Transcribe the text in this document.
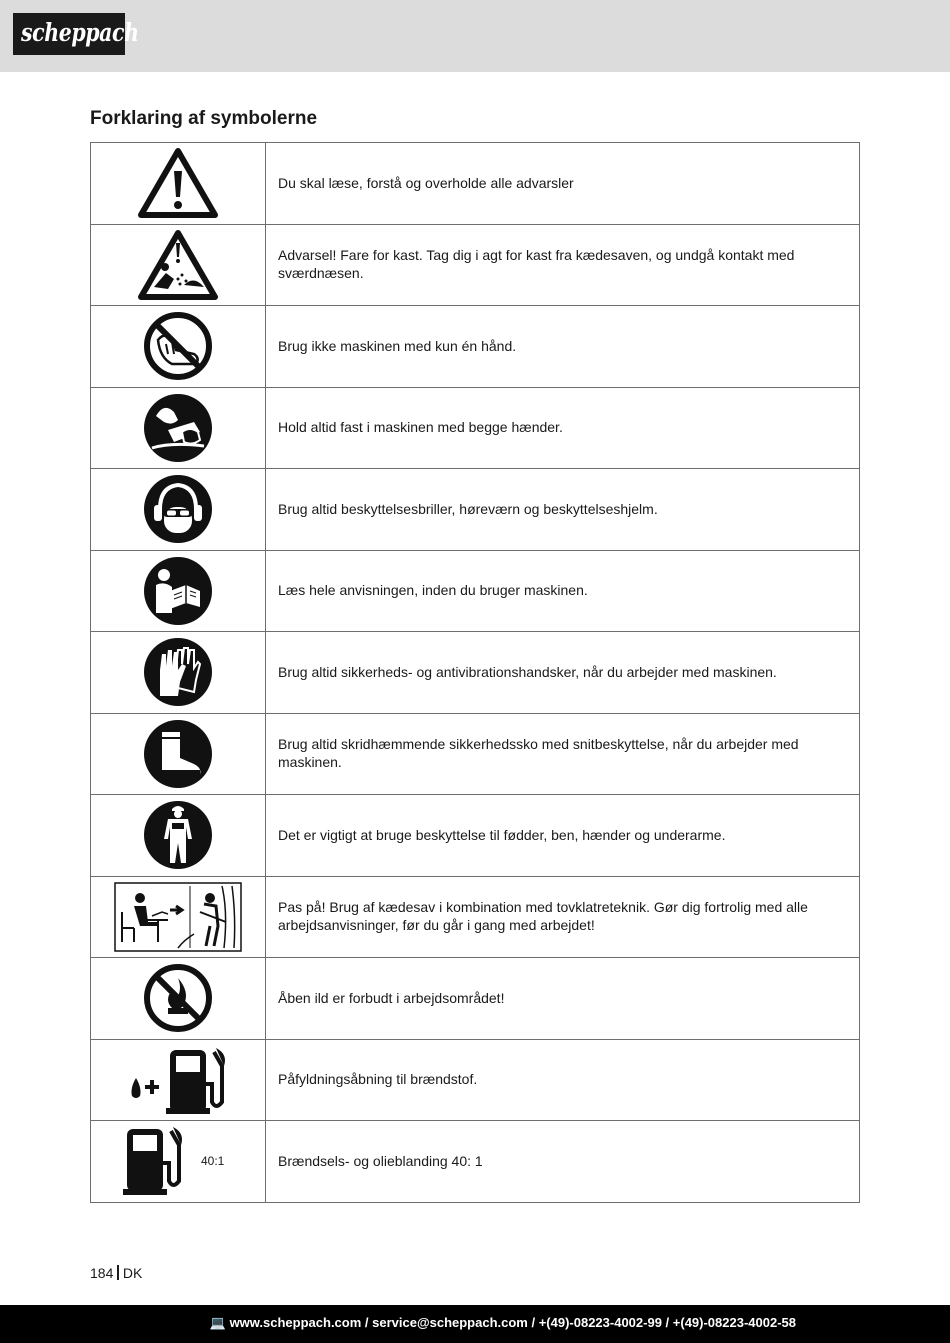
scheppach
Forklaring af symbolerne
	Du skal læse, forstå og overholde alle advarsler

	Advarsel! Fare for kast. Tag dig i agt for kast fra kædesaven, og undgå kontakt med sværdnæsen.

	Brug ikke maskinen med kun én hånd.

	Hold altid fast i maskinen med begge hænder.

	Brug altid beskyttelsesbriller, høreværn og beskyttelseshjelm.

	Læs hele anvisningen, inden du bruger maskinen.

	Brug altid sikkerheds- og antivibrationshandsker, når du arbejder med maskinen.

	Brug altid skridhæmmende sikkerhedssko med snitbeskyttelse, når du arbejder med maskinen.

	Det er vigtigt at bruge beskyttelse til fødder, ben, hænder og underarme.

	Pas på! Brug af kædesav i kombination med tovklatreteknik. Gør dig fortrolig med alle arbejdsanvisninger, før du går i gang med arbejdet!

	Åben ild er forbudt i arbejdsområdet!

	Påfyldningsåbning til brændstof.

40:1	Brændsels- og olieblanding 40: 1
184 DK
💻 www.scheppach.com / service@scheppach.com / +(49)-08223-4002-99 / +(49)-08223-4002-58
